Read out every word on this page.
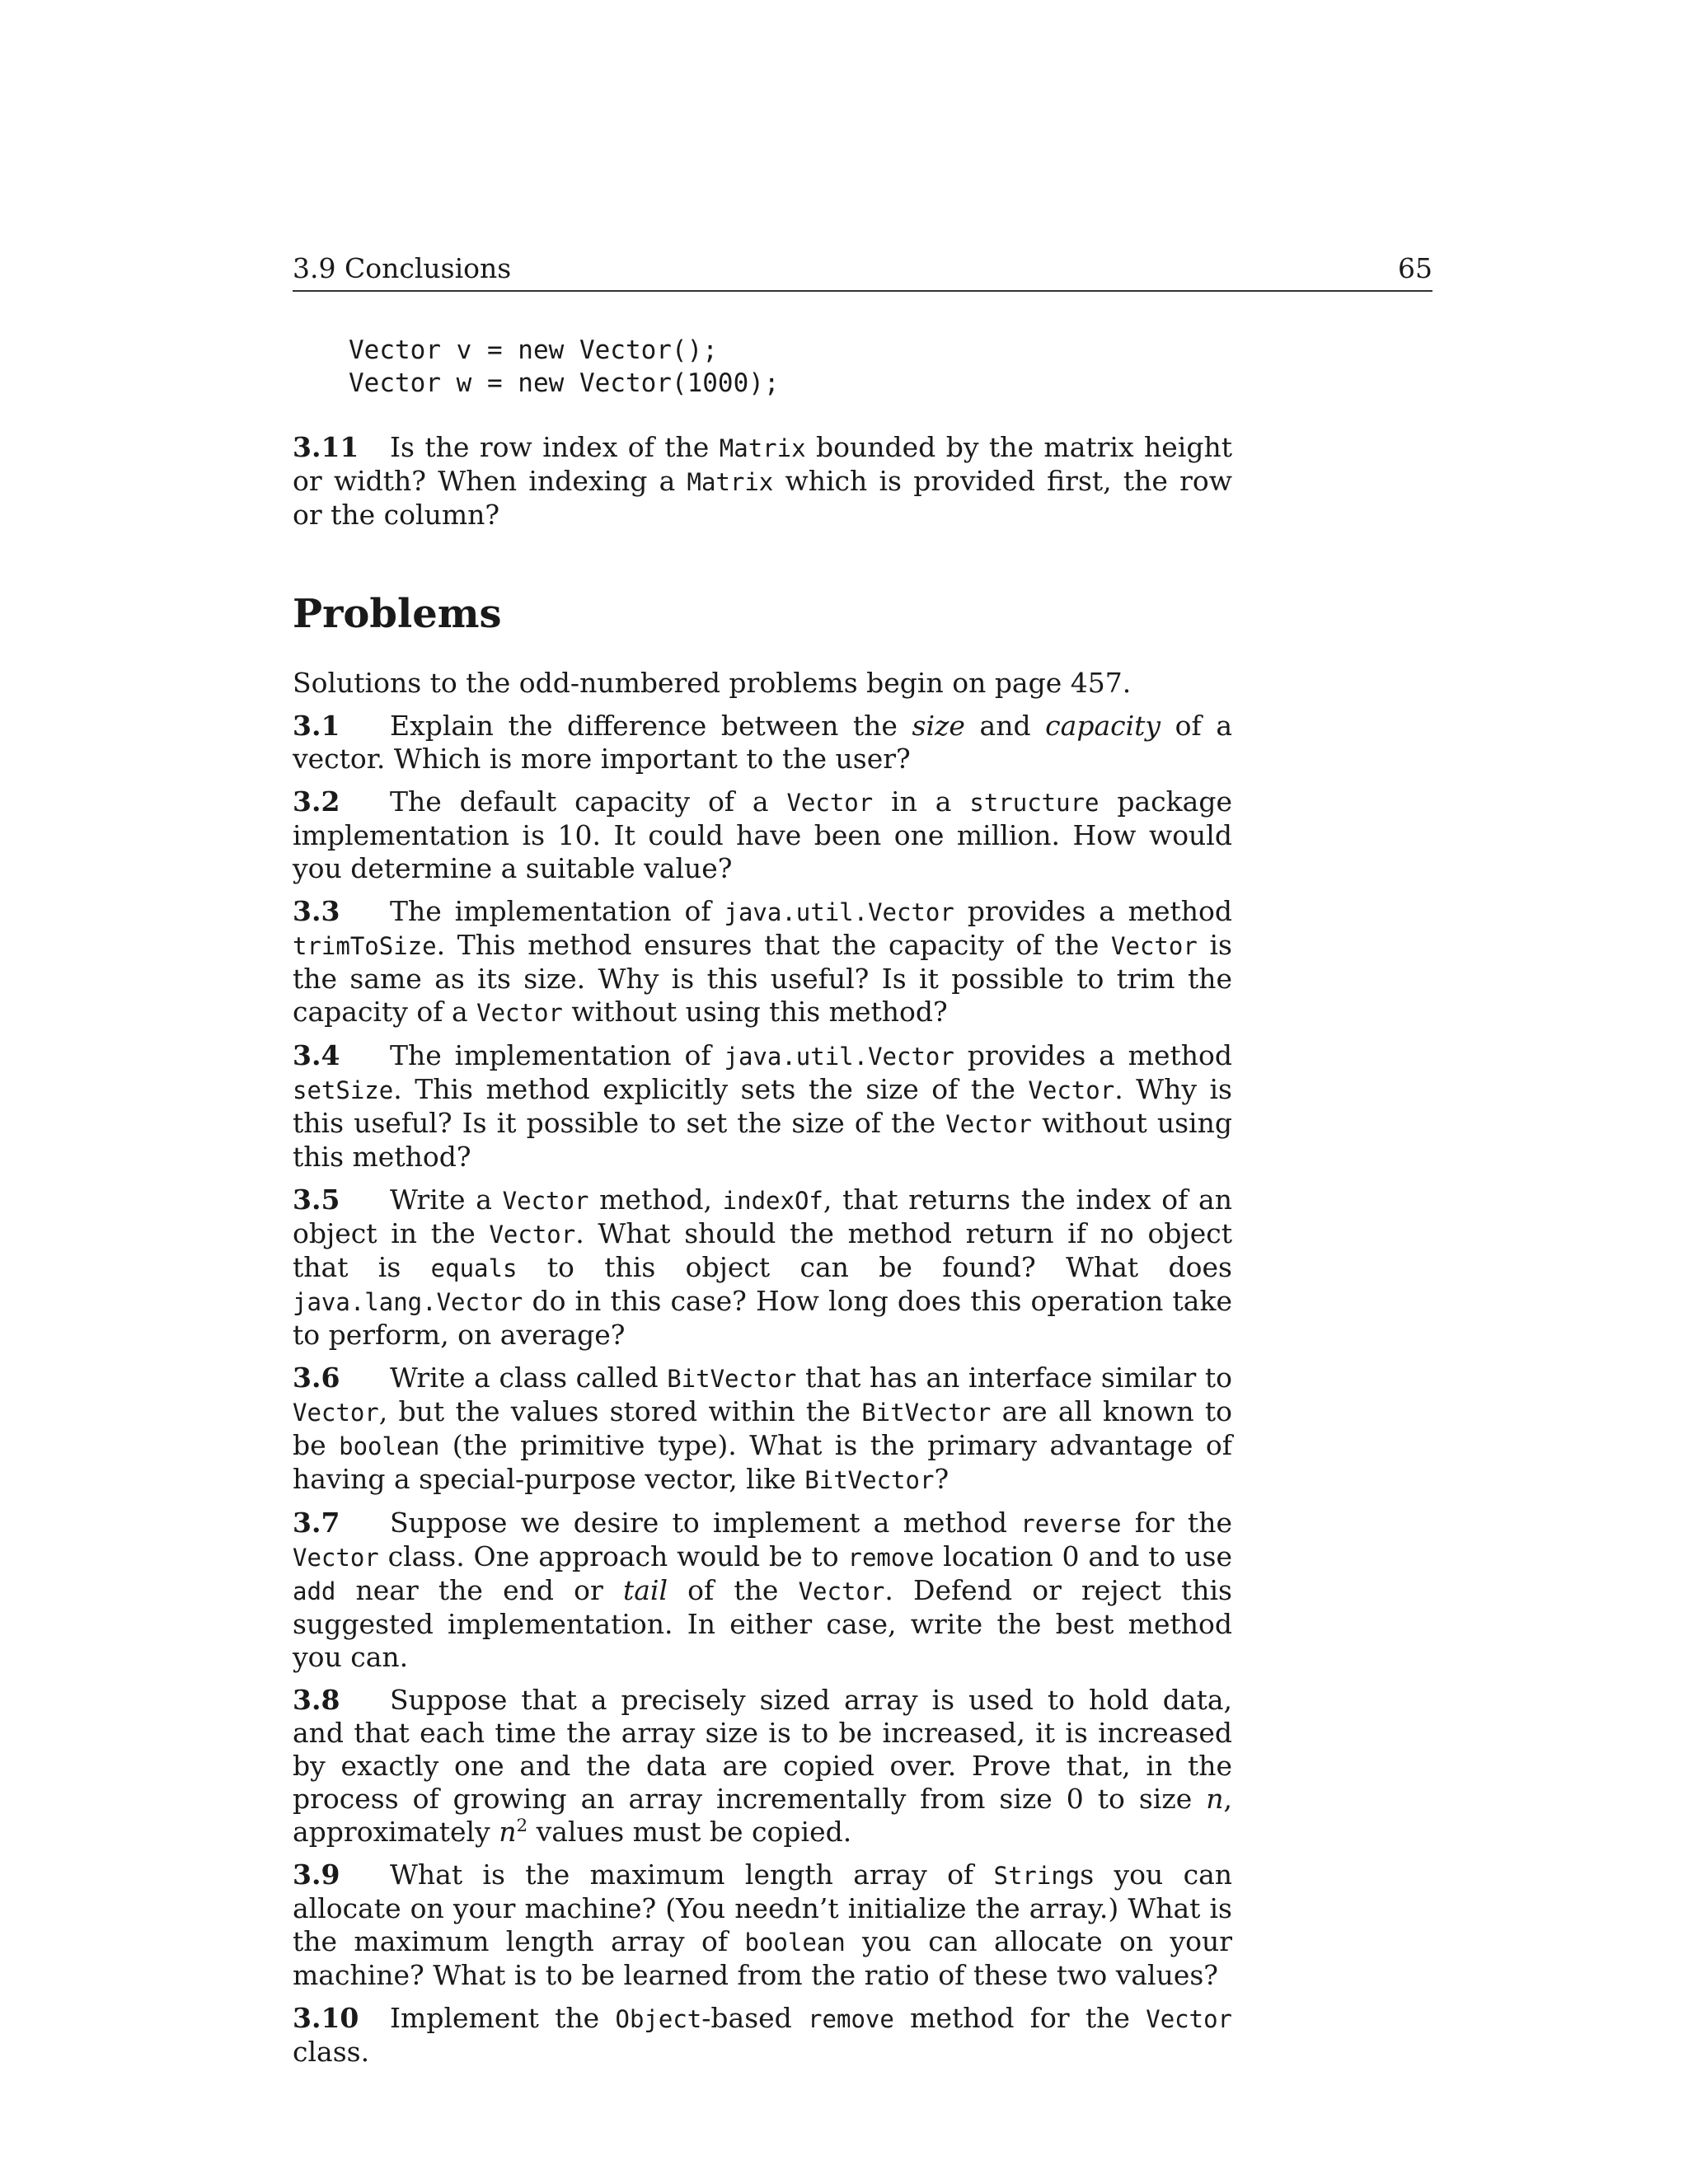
3.9 Conclusions	65
Vector v = new Vector();
Vector w = new Vector(1000);

3.11 Is the row index of the Matrix bounded by the matrix height or width? When indexing a Matrix which is provided first, the row or the column?

Problems

Solutions to the odd-numbered problems begin on page 457.

3.1 Explain the difference between the size and capacity of a vector. Which is more important to the user?

3.2 The default capacity of a Vector in a structure package implementation is 10. It could have been one million. How would you determine a suitable value?

3.3 The implementation of java.util.Vector provides a method trimToSize. This method ensures that the capacity of the Vector is the same as its size. Why is this useful? Is it possible to trim the capacity of a Vector without using this method?

3.4 The implementation of java.util.Vector provides a method setSize. This method explicitly sets the size of the Vector. Why is this useful? Is it possible to set the size of the Vector without using this method?

3.5 Write a Vector method, indexOf, that returns the index of an object in the Vector. What should the method return if no object that is equals to this object can be found? What does java.lang.Vector do in this case? How long does this operation take to perform, on average?

3.6 Write a class called BitVector that has an interface similar to Vector, but the values stored within the BitVector are all known to be boolean (the primitive type). What is the primary advantage of having a special-purpose vector, like BitVector?

3.7 Suppose we desire to implement a method reverse for the Vector class. One approach would be to remove location 0 and to use add near the end or tail of the Vector. Defend or reject this suggested implementation. In either case, write the best method you can.

3.8 Suppose that a precisely sized array is used to hold data, and that each time the array size is to be increased, it is increased by exactly one and the data are copied over. Prove that, in the process of growing an array incrementally from size 0 to size n, approximately $n^2$ values must be copied.

3.9 What is the maximum length array of Strings you can allocate on your machine? (You needn’t initialize the array.) What is the maximum length array of boolean you can allocate on your machine? What is to be learned from the ratio of these two values?

3.10 Implement the Object-based remove method for the Vector class.
